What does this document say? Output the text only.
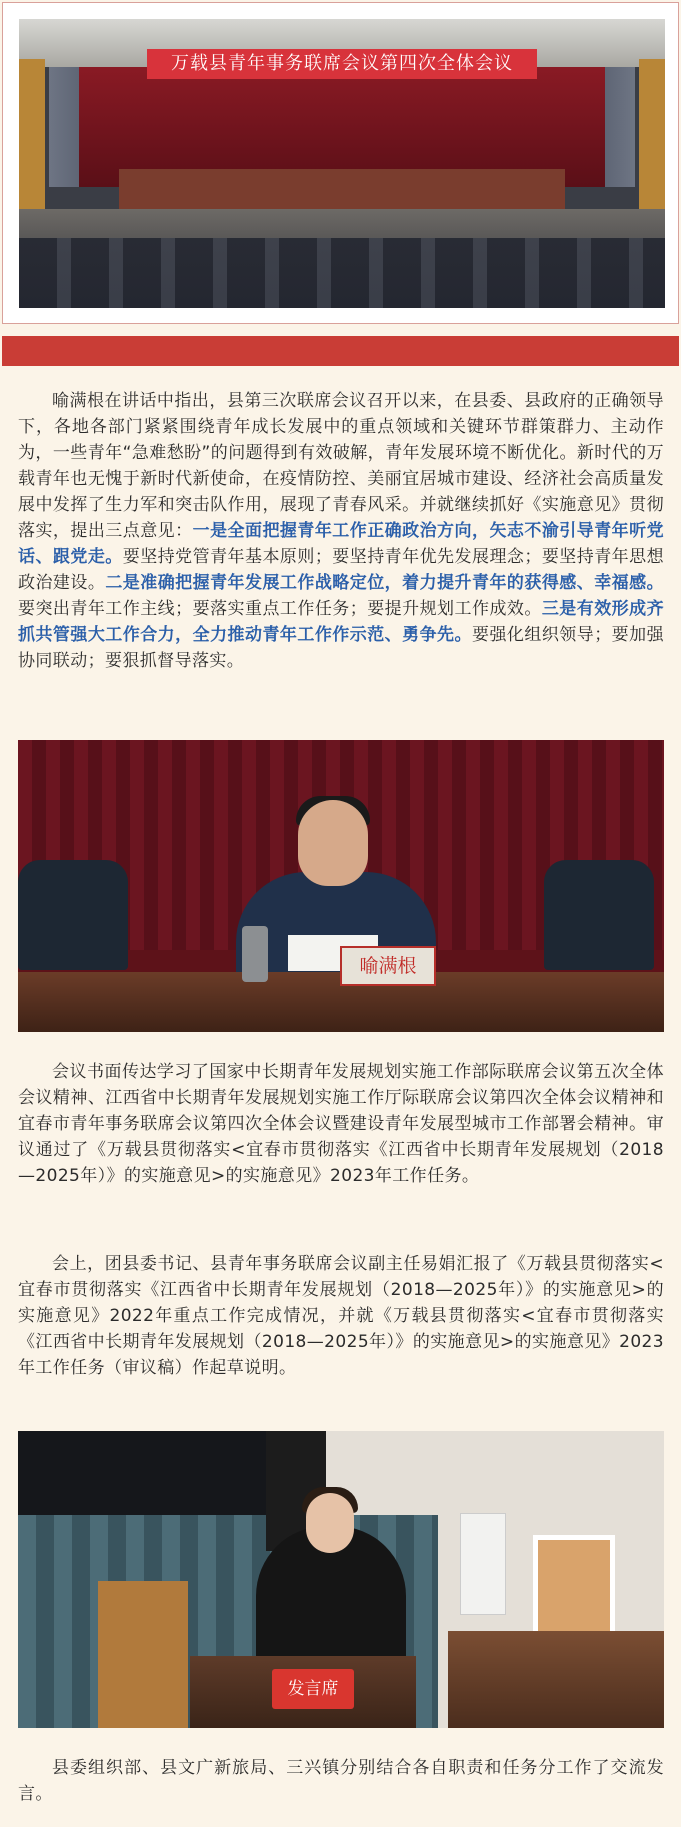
万载县青年事务联席会议第四次全体会议

喻满根在讲话中指出，县第三次联席会议召开以来，在县委、县政府的正确领导下，各地各部门紧紧围绕青年成长发展中的重点领域和关键环节群策群力、主动作为，一些青年“急难愁盼”的问题得到有效破解，青年发展环境不断优化。新时代的万载青年也无愧于新时代新使命，在疫情防控、美丽宜居城市建设、经济社会高质量发展中发挥了生力军和突击队作用，展现了青春风采。并就继续抓好《实施意见》贯彻落实，提出三点意见：一是全面把握青年工作正确政治方向，矢志不渝引导青年听党话、跟党走。要坚持党管青年基本原则；要坚持青年优先发展理念；要坚持青年思想政治建设。二是准确把握青年发展工作战略定位，着力提升青年的获得感、幸福感。要突出青年工作主线；要落实重点工作任务；要提升规划工作成效。三是有效形成齐抓共管强大工作合力，全力推动青年工作作示范、勇争先。要强化组织领导；要加强协同联动；要狠抓督导落实。

喻满根

会议书面传达学习了国家中长期青年发展规划实施工作部际联席会议第五次全体会议精神、江西省中长期青年发展规划实施工作厅际联席会议第四次全体会议精神和宜春市青年事务联席会议第四次全体会议暨建设青年发展型城市工作部署会精神。审议通过了《万载县贯彻落实<宜春市贯彻落实《江西省中长期青年发展规划（2018—2025年）》的实施意见>的实施意见》2023年工作任务。

会上，团县委书记、县青年事务联席会议副主任易娟汇报了《万载县贯彻落实<宜春市贯彻落实《江西省中长期青年发展规划（2018—2025年）》的实施意见>的实施意见》2022年重点工作完成情况，并就《万载县贯彻落实<宜春市贯彻落实《江西省中长期青年发展规划（2018—2025年）》的实施意见>的实施意见》2023年工作任务（审议稿）作起草说明。

发言席

县委组织部、县文广新旅局、三兴镇分别结合各自职责和任务分工作了交流发言。
